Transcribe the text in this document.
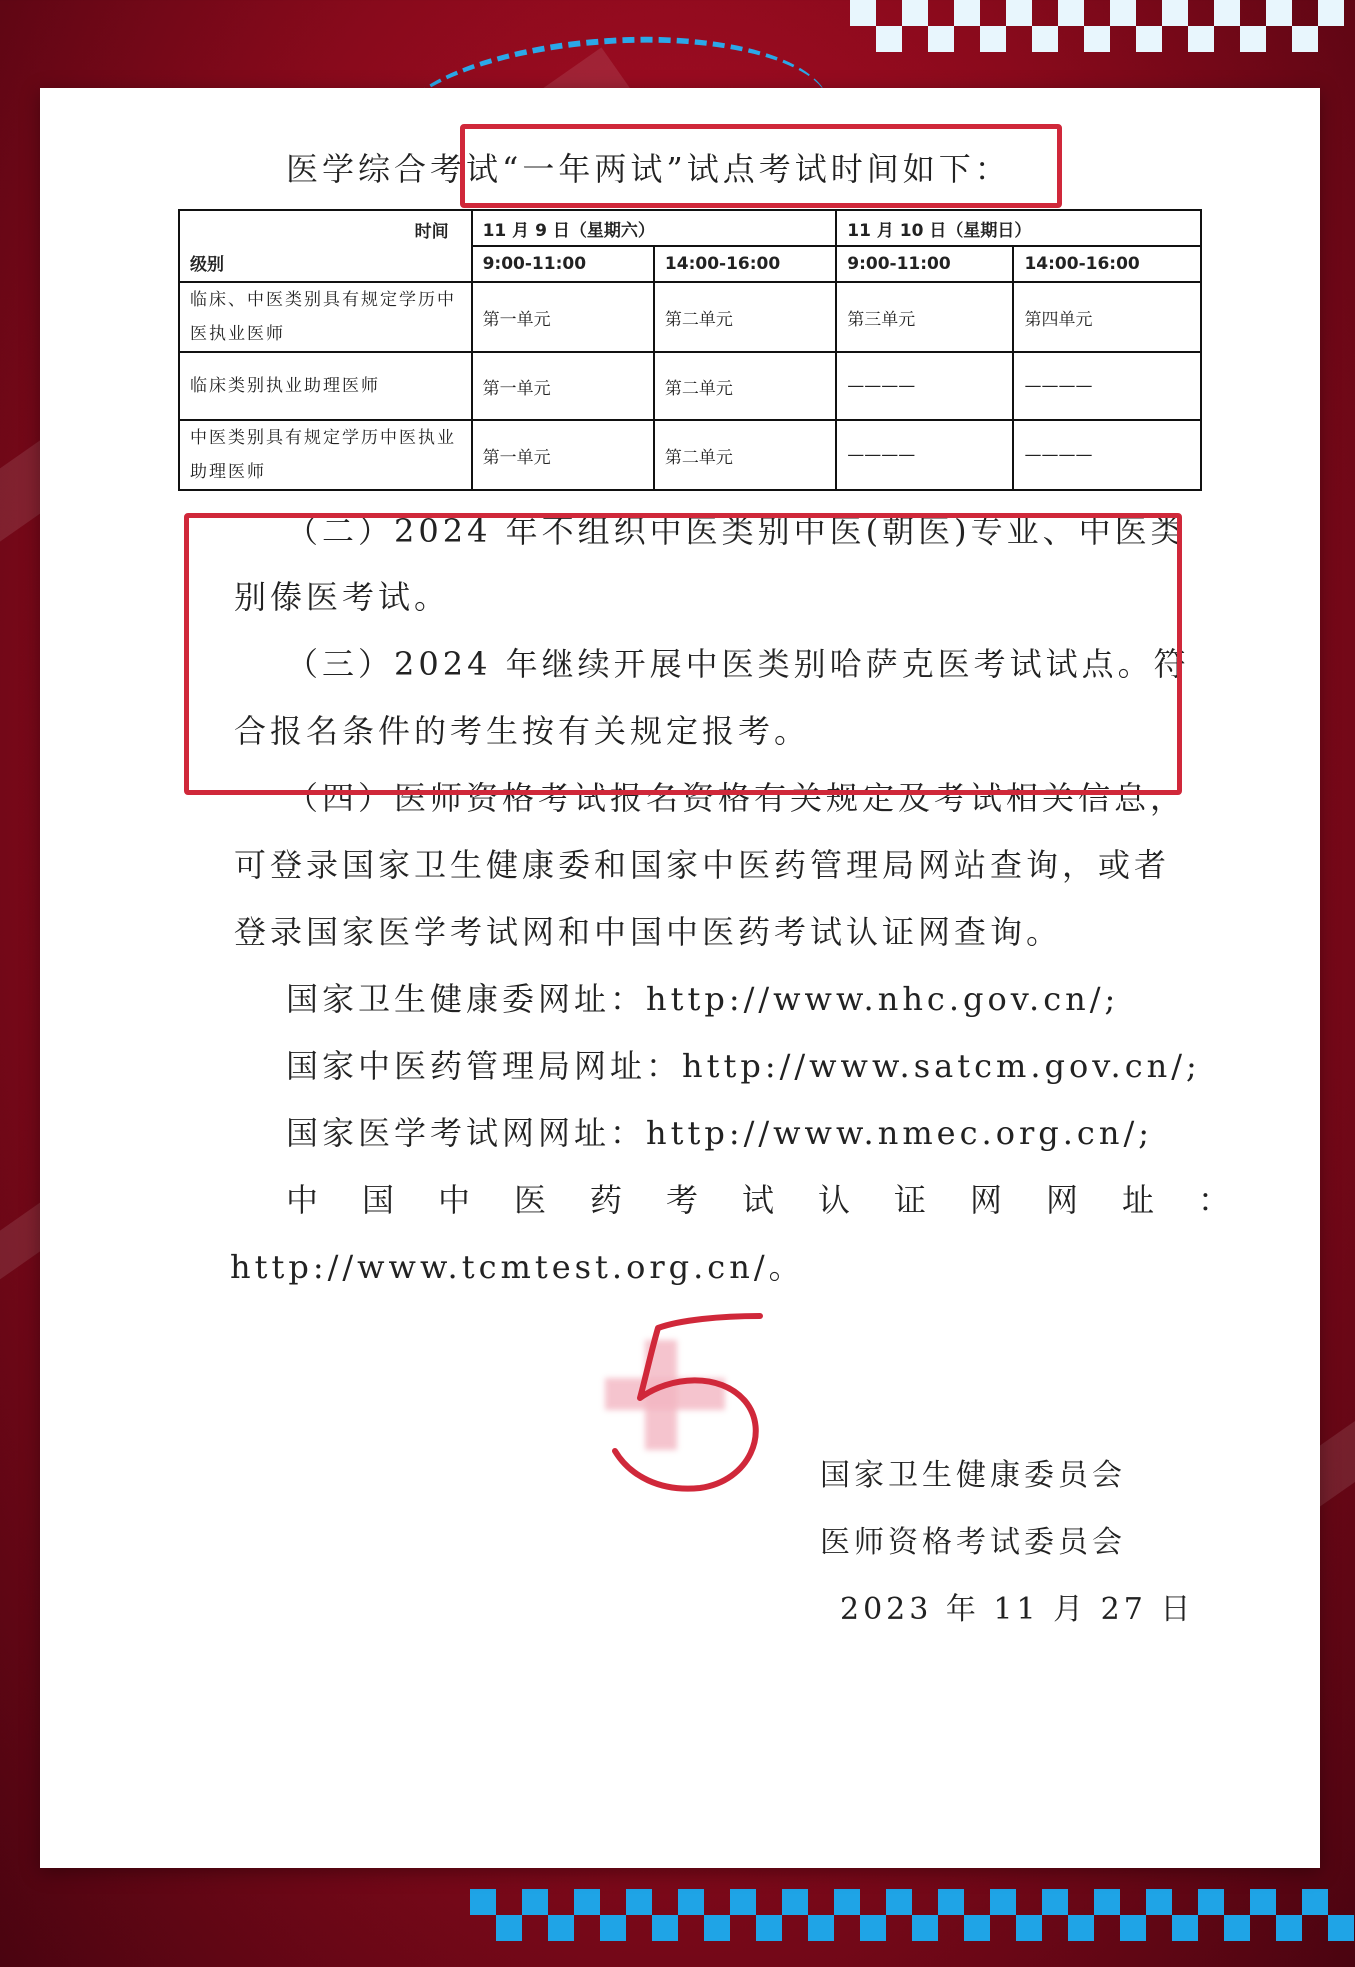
医学综合考试“一年两试”试点考试时间如下：
时间
级别	11 月 9 日（星期六）		11 月 10 日（星期日）	
	9:00-11:00	14:00-16:00	9:00-11:00	14:00-16:00
临床、中医类别具有规定学历中医执业医师	第一单元	第二单元	第三单元	第四单元
临床类别执业助理医师	第一单元	第二单元	————	————
中医类别具有规定学历中医执业助理医师	第一单元	第二单元	————	————
（二）2024 年不组织中医类别中医(朝医)专业、中医类
别傣医考试。
（三）2024 年继续开展中医类别哈萨克医考试试点。符
合报名条件的考生按有关规定报考。
（四）医师资格考试报名资格有关规定及考试相关信息，
可登录国家卫生健康委和国家中医药管理局网站查询，或者
登录国家医学考试网和中国中医药考试认证网查询。
国家卫生健康委网址：http://www.nhc.gov.cn/;
国家中医药管理局网址：http://www.satcm.gov.cn/;
国家医学考试网网址：http://www.nmec.org.cn/;
中　国　中　医　药　考　试　认　证　网　网　址　：
http://www.tcmtest.org.cn/。
国家卫生健康委员会
医师资格考试委员会
2023 年 11 月 27 日
